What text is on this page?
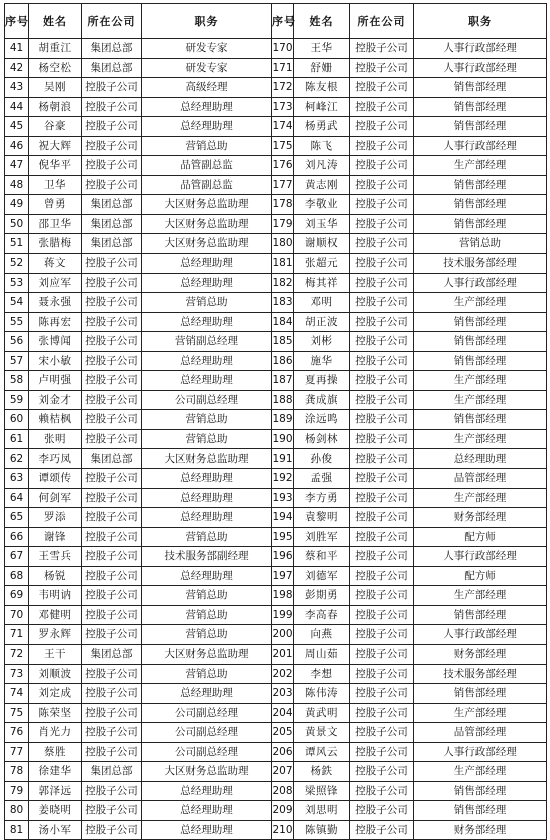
序号	姓名	所在公司	职务	序号	姓名	所在公司	职务
41	胡重江	集团总部	研发专家	170	王华	控股子公司	人事行政部经理
42	杨空松	集团总部	研发专家	171	舒姗	控股子公司	人事行政部经理
43	吴刚	控股子公司	高级经理	172	陈友根	控股子公司	销售部经理
44	杨朝浪	控股子公司	总经理助理	173	柯峰江	控股子公司	销售部经理
45	谷豪	控股子公司	总经理助理	174	杨勇武	控股子公司	销售部经理
46	祝大辉	控股子公司	营销总助	175	陈飞	控股子公司	人事行政部经理
47	倪华平	控股子公司	品管副总监	176	刘凡涛	控股子公司	生产部经理
48	卫华	控股子公司	品管副总监	177	黄志刚	控股子公司	销售部经理
49	曾勇	集团总部	大区财务总监助理	178	李敬业	控股子公司	销售部经理
50	邵卫华	集团总部	大区财务总监助理	179	刘玉华	控股子公司	销售部经理
51	张腊梅	集团总部	大区财务总监助理	180	谢顺权	控股子公司	营销总助
52	蒋文	控股子公司	总经理助理	181	张超元	控股子公司	技术服务部经理
53	刘应军	控股子公司	总经理助理	182	梅其祥	控股子公司	人事行政部经理
54	聂永强	控股子公司	营销总助	183	邓明	控股子公司	生产部经理
55	陈再宏	控股子公司	总经理助理	184	胡正波	控股子公司	销售部经理
56	张博闻	控股子公司	营销副总经理	185	刘彬	控股子公司	销售部经理
57	宋小敏	控股子公司	总经理助理	186	施华	控股子公司	销售部经理
58	卢明强	控股子公司	总经理助理	187	夏再操	控股子公司	生产部经理
59	刘金才	控股子公司	公司副总经理	188	龚成旗	控股子公司	生产部经理
60	赖桔枫	控股子公司	营销总助	189	涂远鸣	控股子公司	销售部经理
61	张明	控股子公司	营销总助	190	杨剑林	控股子公司	生产部经理
62	李巧凤	集团总部	大区财务总监助理	191	孙俊	控股子公司	总经理助理
63	谭颂传	控股子公司	总经理助理	192	孟强	控股子公司	品管部经理
64	何剑军	控股子公司	总经理助理	193	李方勇	控股子公司	生产部经理
65	罗添	控股子公司	总经理助理	194	袁黎明	控股子公司	财务部经理
66	谢锋	控股子公司	营销总助	195	刘胜军	控股子公司	配方师
67	王雪兵	控股子公司	技术服务部副经理	196	蔡和平	控股子公司	人事行政部经理
68	杨锐	控股子公司	总经理助理	197	刘德军	控股子公司	配方师
69	韦明讷	控股子公司	营销总助	198	彭期勇	控股子公司	生产部经理
70	邓健明	控股子公司	营销总助	199	李高春	控股子公司	销售部经理
71	罗永辉	控股子公司	营销总助	200	向燕	控股子公司	人事行政部经理
72	王干	集团总部	大区财务总监助理	201	周山茹	控股子公司	财务部经理
73	刘顺波	控股子公司	营销总助	202	李想	控股子公司	技术服务部经理
74	刘定成	控股子公司	总经理助理	203	陈伟涛	控股子公司	销售部经理
75	陈荣坚	控股子公司	公司副总经理	204	黄武明	控股子公司	生产部经理
76	肖光力	控股子公司	公司副总经理	205	黄景文	控股子公司	品管部经理
77	蔡胜	控股子公司	公司副总经理	206	谭风云	控股子公司	人事行政部经理
78	徐建华	集团总部	大区财务总监助理	207	杨鉄	控股子公司	生产部经理
79	郭泽远	控股子公司	总经理助理	208	梁照锋	控股子公司	销售部经理
80	姜晓明	控股子公司	总经理助理	209	刘思明	控股子公司	销售部经理
81	汤小军	控股子公司	总经理助理	210	陈镇勤	控股子公司	财务部经理
